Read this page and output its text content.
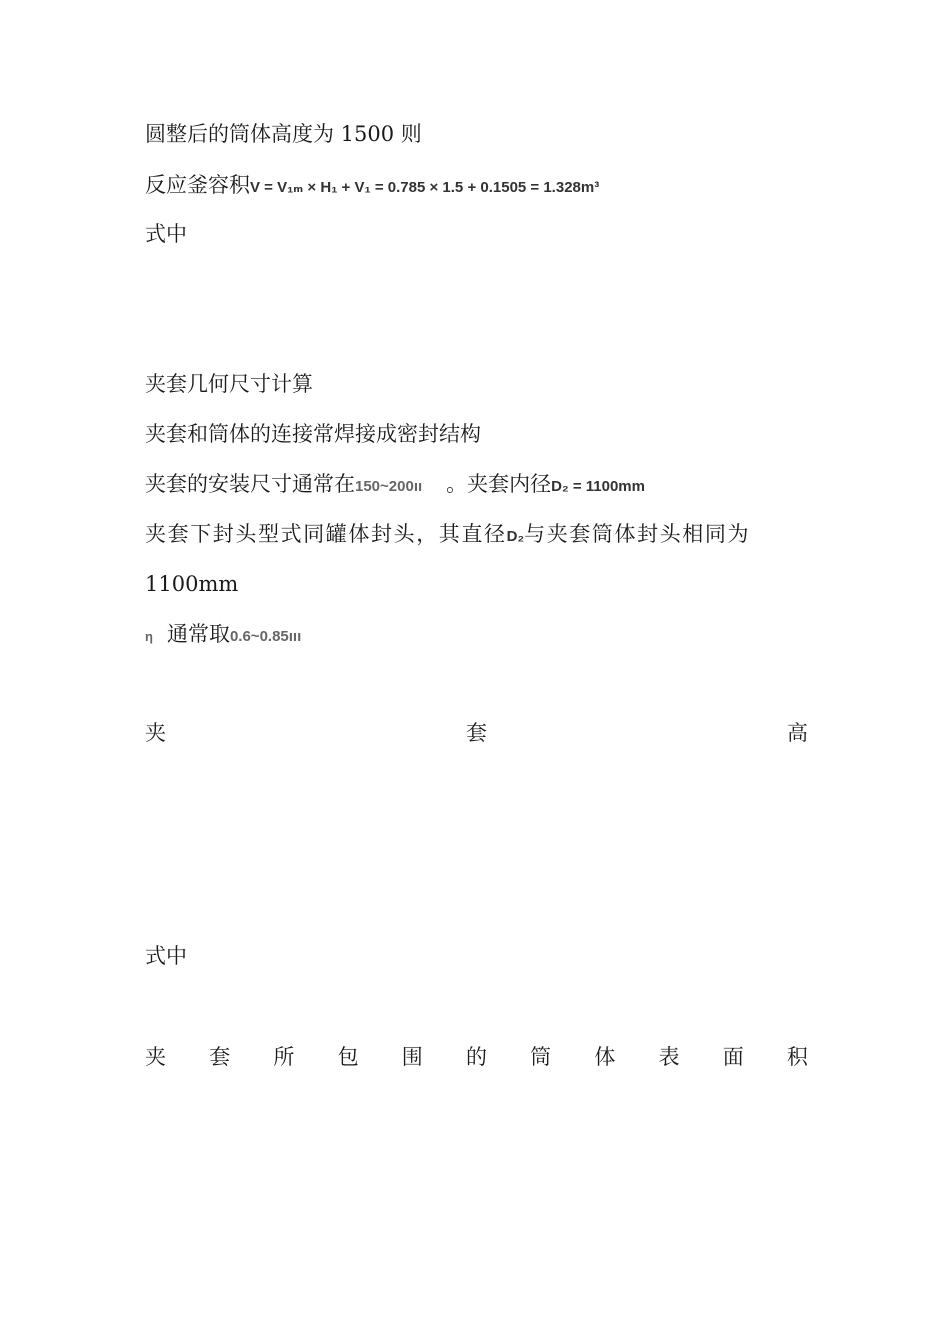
圆整后的筒体高度为 1500 则
反应釜容积V = V₁ₘ × H₁ + V₁ = 0.785 × 1.5 + 0.1505 = 1.328m³
式中
夹套几何尺寸计算
夹套和筒体的连接常焊接成密封结构
夹套的安装尺寸通常在150~200ıı 。夹套内径D₂ = 1100mm
夹套下封头型式同罐体封头，其直径D₂与夹套筒体封头相同为
1100mm
η 通常取0.6~0.85ııı
夹	套	高
式中
夹 套 所 包 围 的 筒 体 表 面 积
